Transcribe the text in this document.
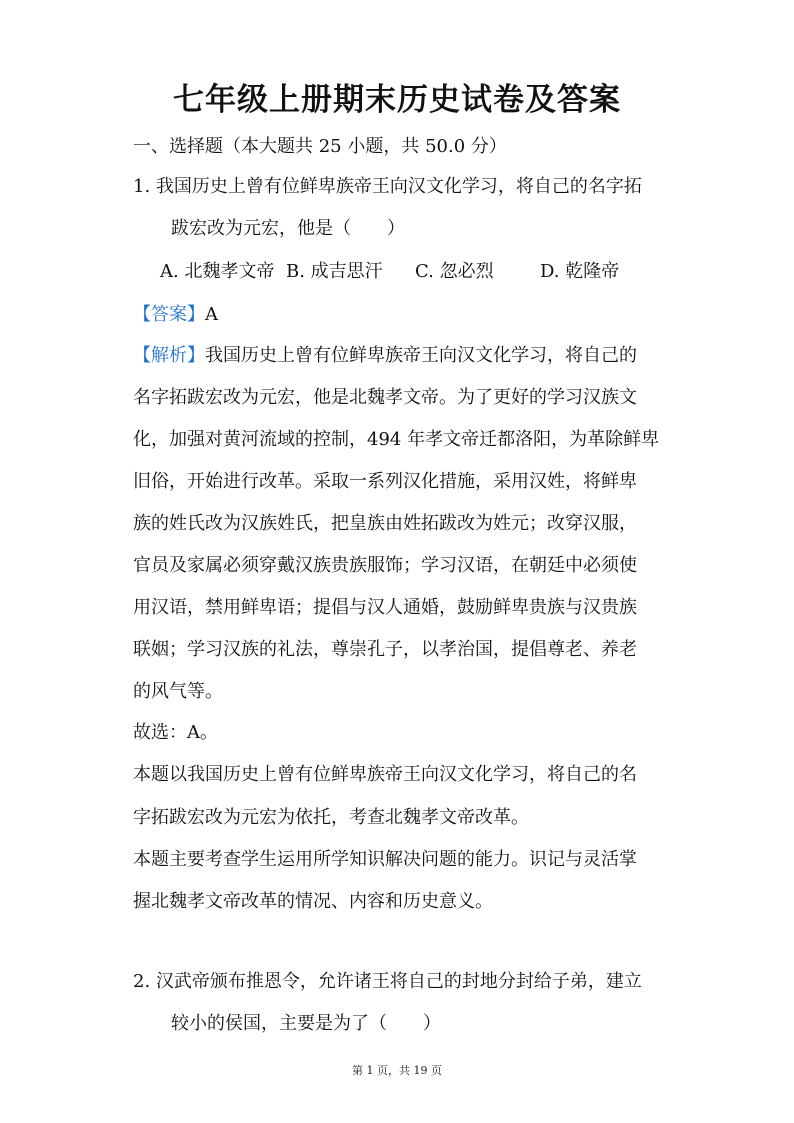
七年级上册期末历史试卷及答案
一、选择题（本大题共 25 小题，共 50.0 分）
1. 我国历史上曾有位鲜卑族帝王向汉文化学习，将自己的名字拓
跋宏改为元宏，他是（　　）
A. 北魏孝文帝 B. 成吉思汗 C. 忽必烈	D. 乾隆帝
【答案】A
【解析】我国历史上曾有位鲜卑族帝王向汉文化学习，将自己的
名字拓跋宏改为元宏，他是北魏孝文帝。为了更好的学习汉族文
化，加强对黄河流域的控制，494 年孝文帝迁都洛阳，为革除鲜卑
旧俗，开始进行改革。采取一系列汉化措施，采用汉姓，将鲜卑
族的姓氏改为汉族姓氏，把皇族由姓拓跋改为姓元；改穿汉服，
官员及家属必须穿戴汉族贵族服饰；学习汉语，在朝廷中必须使
用汉语，禁用鲜卑语；提倡与汉人通婚，鼓励鲜卑贵族与汉贵族
联姻；学习汉族的礼法，尊崇孔子，以孝治国，提倡尊老、养老
的风气等。
故选：A。
本题以我国历史上曾有位鲜卑族帝王向汉文化学习，将自己的名
字拓跋宏改为元宏为依托，考查北魏孝文帝改革。
本题主要考查学生运用所学知识解决问题的能力。识记与灵活掌
握北魏孝文帝改革的情况、内容和历史意义。
2. 汉武帝颁布推恩令，允许诸王将自己的封地分封给子弟，建立
较小的侯国，主要是为了（　　）
第 1 页，共 19 页
